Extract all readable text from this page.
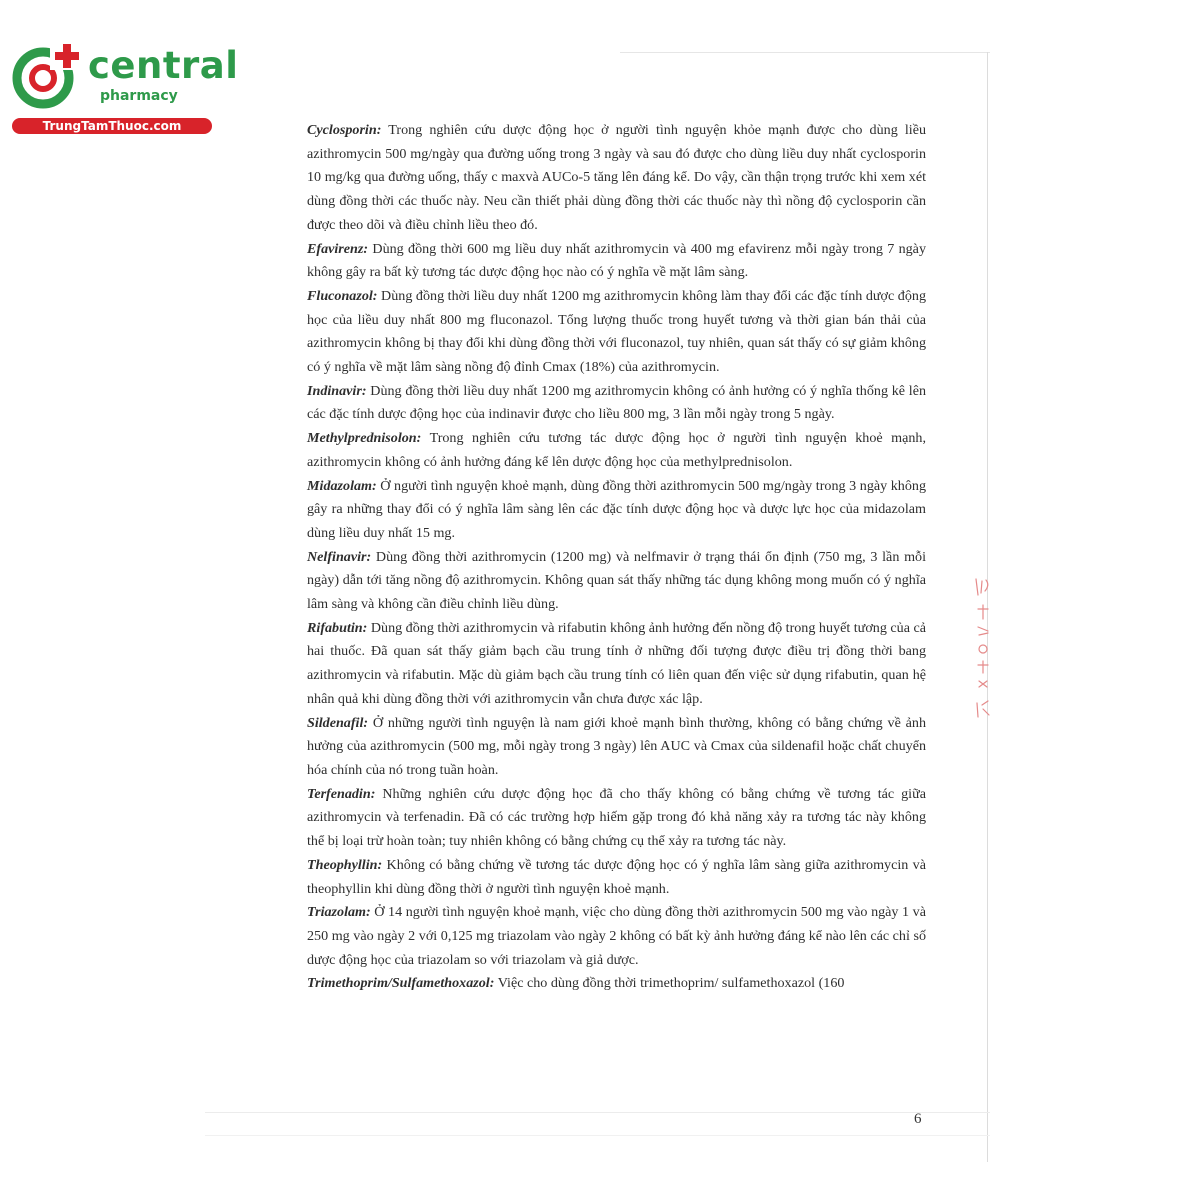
central
pharmacy
TrungTamThuoc.com	Cyclosporin: Trong nghiên cứu dược động học ở người tình nguyện khỏe mạnh được cho dùng liều azithromycin 500 mg/ngày qua đường uống trong 3 ngày và sau đó được cho dùng liều duy nhất cyclosporin 10 mg/kg qua đường uống, thấy c maxvà AUCo-5 tăng lên đáng kể. Do vậy, cần thận trọng trước khi xem xét dùng đồng thời các thuốc này. Neu cần thiết phải dùng đồng thời các thuốc này thì nồng độ cyclosporin cần được theo dõi và điều chỉnh liều theo đó.

Efavirenz: Dùng đồng thời 600 mg liều duy nhất azithromycin và 400 mg efavirenz mỗi ngày trong 7 ngày không gây ra bất kỳ tương tác dược động học nào có ý nghĩa về mặt lâm sàng.

Fluconazol: Dùng đồng thời liều duy nhất 1200 mg azithromycin không làm thay đổi các đặc tính dược động học của liều duy nhất 800 mg fluconazol. Tổng lượng thuốc trong huyết tương và thời gian bán thải của azithromycin không bị thay đổi khi dùng đồng thời với fluconazol, tuy nhiên, quan sát thấy có sự giảm không có ý nghĩa về mặt lâm sàng nồng độ đỉnh Cmax (18%) của azithromycin.

Indinavir: Dùng đồng thời liều duy nhất 1200 mg azithromycin không có ảnh hưởng có ý nghĩa thống kê lên các đặc tính dược động học của indinavir được cho liều 800 mg, 3 lần mỗi ngày trong 5 ngày.

Methylprednisolon: Trong nghiên cứu tương tác dược động học ở người tình nguyện khoẻ mạnh, azithromycin không có ảnh hưởng đáng kể lên dược động học của methylprednisolon.

Midazolam: Ở người tình nguyện khoẻ mạnh, dùng đồng thời azithromycin 500 mg/ngày trong 3 ngày không gây ra những thay đổi có ý nghĩa lâm sàng lên các đặc tính dược động học và dược lực học của midazolam dùng liều duy nhất 15 mg.

Nelfinavir: Dùng đồng thời azithromycin (1200 mg) và nelfmavir ở trạng thái ổn định (750 mg, 3 lần mỗi ngày) dẫn tới tăng nồng độ azithromycin. Không quan sát thấy những tác dụng không mong muốn có ý nghĩa lâm sàng và không cần điều chỉnh liều dùng.

Rifabutin: Dùng đồng thời azithromycin và rifabutin không ảnh hưởng đến nồng độ trong huyết tương của cả hai thuốc. Đã quan sát thấy giảm bạch cầu trung tính ở những đối tượng được điều trị đồng thời bang azithromycin và rifabutin. Mặc dù giảm bạch cầu trung tính có liên quan đến việc sử dụng rifabutin, quan hệ nhân quả khi dùng đồng thời với azithromycin vẫn chưa được xác lập.

Sildenafil: Ở những người tình nguyện là nam giới khoẻ mạnh bình thường, không có bằng chứng về ảnh hưởng của azithromycin (500 mg, mỗi ngày trong 3 ngày) lên AUC và Cmax của sildenafil hoặc chất chuyển hóa chính của nó trong tuần hoàn.

Terfenadin: Những nghiên cứu dược động học đã cho thấy không có bằng chứng về tương tác giữa azithromycin và terfenadin. Đã có các trường hợp hiếm gặp trong đó khả năng xảy ra tương tác này không thể bị loại trừ hoàn toàn; tuy nhiên không có bằng chứng cụ thể xảy ra tương tác này.

Theophyllin: Không có bằng chứng về tương tác dược động học có ý nghĩa lâm sàng giữa azithromycin và theophyllin khi dùng đồng thời ở người tình nguyện khoẻ mạnh.

Triazolam: Ở 14 người tình nguyện khoẻ mạnh, việc cho dùng đồng thời azithromycin 500 mg vào ngày 1 và 250 mg vào ngày 2 với 0,125 mg triazolam vào ngày 2 không có bất kỳ ảnh hưởng đáng kể nào lên các chỉ số dược động học của triazolam so với triazolam và giả dược.

Trimethoprim/Sulfamethoxazol: Việc cho dùng đồng thời trimethoprim/ sulfamethoxazol (160

6
